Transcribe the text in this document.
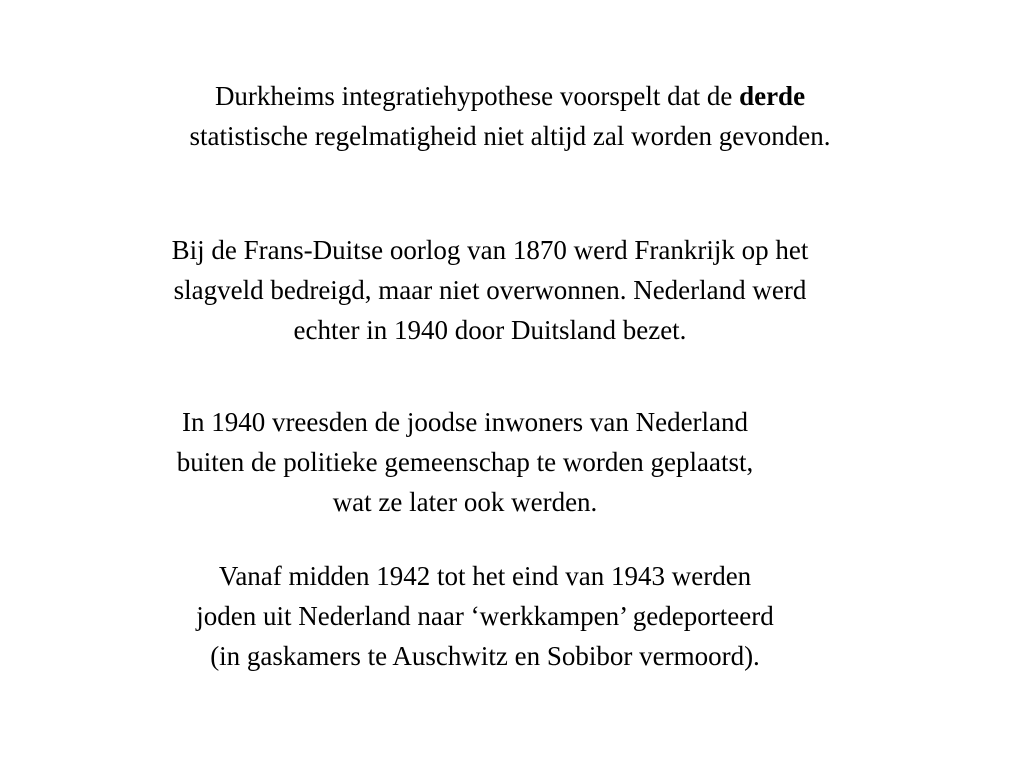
Durkheims integratiehypothese voorspelt dat de derde
statistische regelmatigheid niet altijd zal worden gevonden.
Bij de Frans-Duitse oorlog van 1870 werd Frankrijk op het
slagveld bedreigd, maar niet overwonnen. Nederland werd
echter in 1940 door Duitsland bezet.
In 1940 vreesden de joodse inwoners van Nederland
buiten de politieke gemeenschap te worden geplaatst,
wat ze later ook werden.
Vanaf midden 1942 tot het eind van 1943 werden
joden uit Nederland naar ‘werkkampen’ gedeporteerd
(in gaskamers te Auschwitz en Sobibor vermoord).
